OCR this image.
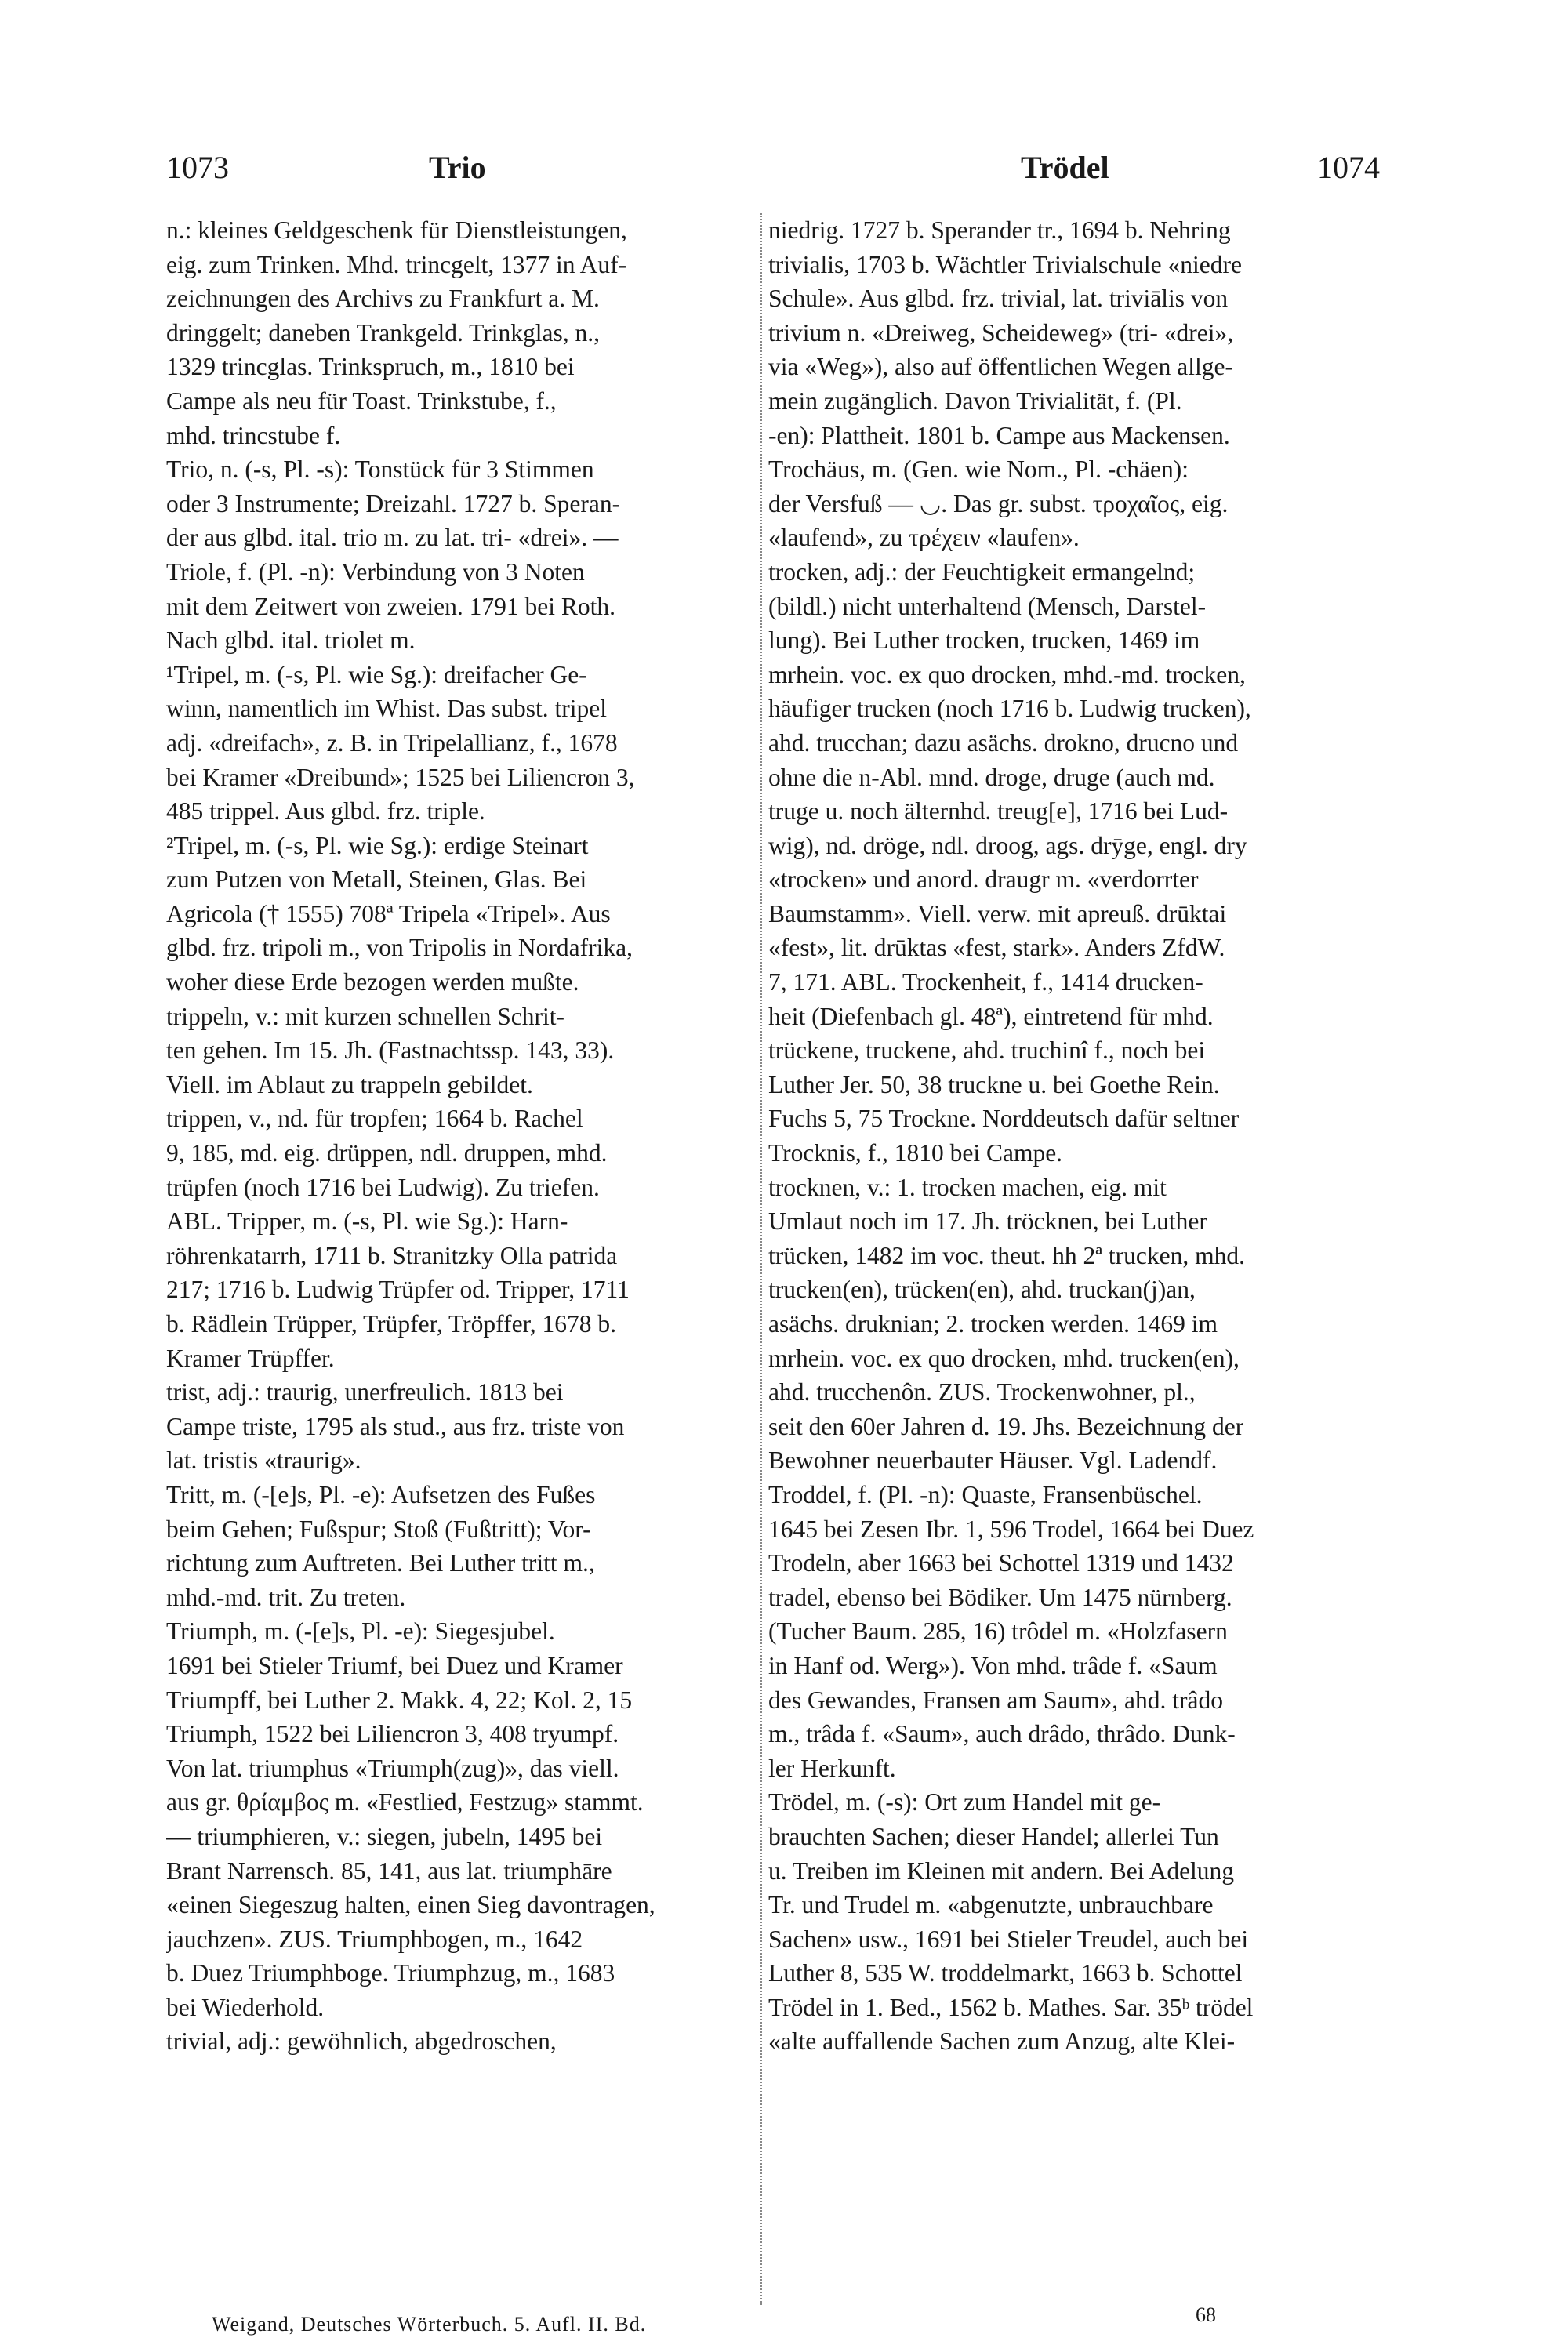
1073	Trio	Trödel	1074
n.: kleines Geldgeschenk für Dienstleistungen,
eig. zum Trinken. Mhd. trincgelt, 1377 in Auf-
zeichnungen des Archivs zu Frankfurt a. M.
dringgelt; daneben Trankgeld. Trinkglas, n.,
1329 trincglas. Trinkspruch, m., 1810 bei
Campe als neu für Toast. Trinkstube, f.,
mhd. trincstube f.
Trio, n. (-s, Pl. -s): Tonstück für 3 Stimmen
oder 3 Instrumente; Dreizahl. 1727 b. Speran-
der aus glbd. ital. trio m. zu lat. tri- «drei». —
Triole, f. (Pl. -n): Verbindung von 3 Noten
mit dem Zeitwert von zweien. 1791 bei Roth.
Nach glbd. ital. triolet m.
¹Tripel, m. (-s, Pl. wie Sg.): dreifacher Ge-
winn, namentlich im Whist. Das subst. tripel
adj. «dreifach», z. B. in Tripelallianz, f., 1678
bei Kramer «Dreibund»; 1525 bei Liliencron 3,
485 trippel. Aus glbd. frz. triple.
²Tripel, m. (-s, Pl. wie Sg.): erdige Steinart
zum Putzen von Metall, Steinen, Glas. Bei
Agricola († 1555) 708ª Tripela «Tripel». Aus
glbd. frz. tripoli m., von Tripolis in Nordafrika,
woher diese Erde bezogen werden mußte.
trippeln, v.: mit kurzen schnellen Schrit-
ten gehen. Im 15. Jh. (Fastnachtssp. 143, 33).
Viell. im Ablaut zu trappeln gebildet.
trippen, v., nd. für tropfen; 1664 b. Rachel
9, 185, md. eig. drüppen, ndl. druppen, mhd.
trüpfen (noch 1716 bei Ludwig). Zu triefen.
ABL. Tripper, m. (-s, Pl. wie Sg.): Harn-
röhrenkatarrh, 1711 b. Stranitzky Olla patrida
217; 1716 b. Ludwig Trüpfer od. Tripper, 1711
b. Rädlein Trüpper, Trüpfer, Tröpffer, 1678 b.
Kramer Trüpffer.
trist, adj.: traurig, unerfreulich. 1813 bei
Campe triste, 1795 als stud., aus frz. triste von
lat. tristis «traurig».
Tritt, m. (-[e]s, Pl. -e): Aufsetzen des Fußes
beim Gehen; Fußspur; Stoß (Fußtritt); Vor-
richtung zum Auftreten. Bei Luther tritt m.,
mhd.-md. trit. Zu treten.
Triumph, m. (-[e]s, Pl. -e): Siegesjubel.
1691 bei Stieler Triumf, bei Duez und Kramer
Triumpff, bei Luther 2. Makk. 4, 22; Kol. 2, 15
Triumph, 1522 bei Liliencron 3, 408 tryumpf.
Von lat. triumphus «Triumph(zug)», das viell.
aus gr. θρίαμβος m. «Festlied, Festzug» stammt.
— triumphieren, v.: siegen, jubeln, 1495 bei
Brant Narrensch. 85, 141, aus lat. triumphāre
«einen Siegeszug halten, einen Sieg davontragen,
jauchzen». ZUS. Triumphbogen, m., 1642
b. Duez Triumphboge. Triumphzug, m., 1683
bei Wiederhold.
trivial, adj.: gewöhnlich, abgedroschen,
niedrig. 1727 b. Sperander tr., 1694 b. Nehring
trivialis, 1703 b. Wächtler Trivialschule «niedre
Schule». Aus glbd. frz. trivial, lat. triviālis von
trivium n. «Dreiweg, Scheideweg» (tri- «drei»,
via «Weg»), also auf öffentlichen Wegen allge-
mein zugänglich. Davon Trivialität, f. (Pl.
-en): Plattheit. 1801 b. Campe aus Mackensen.
Trochäus, m. (Gen. wie Nom., Pl. -chäen):
der Versfuß — ◡. Das gr. subst. τροχαῖος, eig.
«laufend», zu τρέχειν «laufen».
trocken, adj.: der Feuchtigkeit ermangelnd;
(bildl.) nicht unterhaltend (Mensch, Darstel-
lung). Bei Luther trocken, trucken, 1469 im
mrhein. voc. ex quo drocken, mhd.-md. trocken,
häufiger trucken (noch 1716 b. Ludwig trucken),
ahd. trucchan; dazu asächs. drokno, drucno und
ohne die n-Abl. mnd. droge, druge (auch md.
truge u. noch älternhd. treug[e], 1716 bei Lud-
wig), nd. dröge, ndl. droog, ags. drȳge, engl. dry
«trocken» und anord. draugr m. «verdorrter
Baumstamm». Viell. verw. mit apreuß. drūktai
«fest», lit. drūktas «fest, stark». Anders ZfdW.
7, 171. ABL. Trockenheit, f., 1414 drucken-
heit (Diefenbach gl. 48ª), eintretend für mhd.
trückene, truckene, ahd. truchinî f., noch bei
Luther Jer. 50, 38 truckne u. bei Goethe Rein.
Fuchs 5, 75 Trockne. Norddeutsch dafür seltner
Trocknis, f., 1810 bei Campe.
trocknen, v.: 1. trocken machen, eig. mit
Umlaut noch im 17. Jh. tröcknen, bei Luther
trücken, 1482 im voc. theut. hh 2ª trucken, mhd.
trucken(en), trücken(en), ahd. truckan(j)an,
asächs. druknian; 2. trocken werden. 1469 im
mrhein. voc. ex quo drocken, mhd. trucken(en),
ahd. trucchenôn. ZUS. Trockenwohner, pl.,
seit den 60er Jahren d. 19. Jhs. Bezeichnung der
Bewohner neuerbauter Häuser. Vgl. Ladendf.
Troddel, f. (Pl. -n): Quaste, Fransenbüschel.
1645 bei Zesen Ibr. 1, 596 Trodel, 1664 bei Duez
Trodeln, aber 1663 bei Schottel 1319 und 1432
tradel, ebenso bei Bödiker. Um 1475 nürnberg.
(Tucher Baum. 285, 16) trôdel m. «Holzfasern
in Hanf od. Werg»). Von mhd. trâde f. «Saum
des Gewandes, Fransen am Saum», ahd. trâdo
m., trâda f. «Saum», auch drâdo, thrâdo. Dunk-
ler Herkunft.
Trödel, m. (-s): Ort zum Handel mit ge-
brauchten Sachen; dieser Handel; allerlei Tun
u. Treiben im Kleinen mit andern. Bei Adelung
Tr. und Trudel m. «abgenutzte, unbrauchbare
Sachen» usw., 1691 bei Stieler Treudel, auch bei
Luther 8, 535 W. troddelmarkt, 1663 b. Schottel
Trödel in 1. Bed., 1562 b. Mathes. Sar. 35ᵇ trödel
«alte auffallende Sachen zum Anzug, alte Klei-
Weigand, Deutsches Wörterbuch. 5. Aufl. II. Bd.	68
